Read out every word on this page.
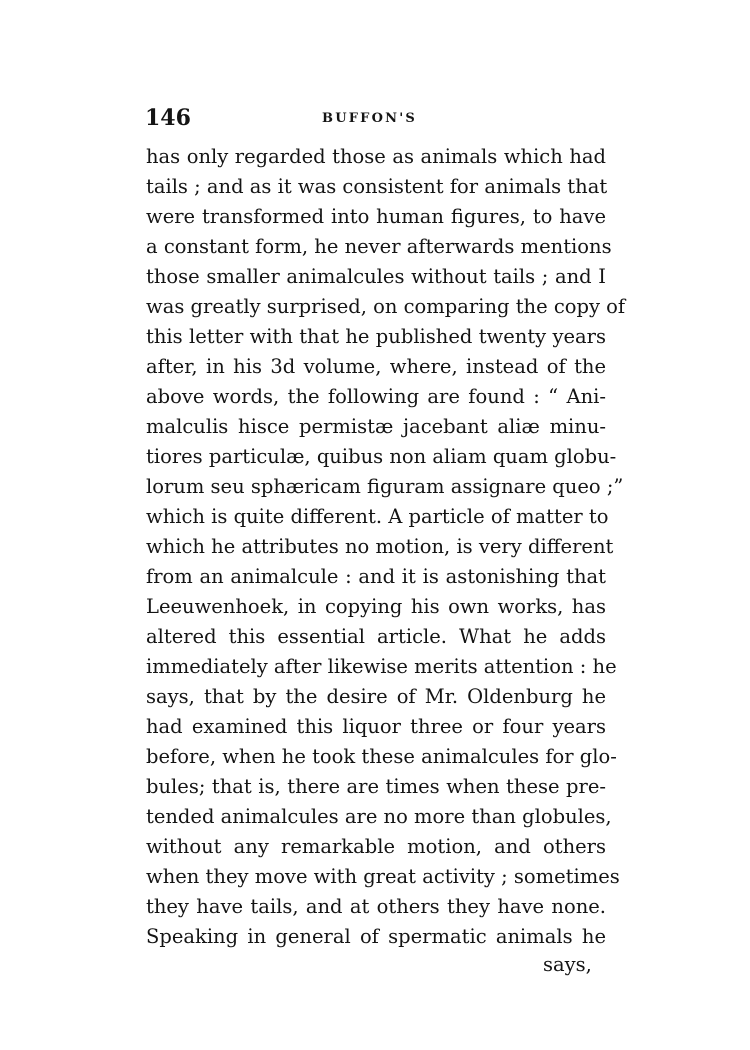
146	BUFFON'S
has only regarded those as animals which had
tails ; and as it was consistent for animals that
were transformed into human figures, to have
a constant form, he never afterwards mentions
those smaller animalcules without tails ; and I
was greatly surprised, on comparing the copy of
this letter with that he published twenty years
after, in his 3d volume, where, instead of the
above words, the following are found : “ Ani-
malculis hisce permistæ jacebant aliæ minu-
tiores particulæ, quibus non aliam quam globu-
lorum seu sphæricam figuram assignare queo ;”
which is quite different. A particle of matter to
which he attributes no motion, is very different
from an animalcule : and it is astonishing that
Leeuwenhoek, in copying his own works, has
altered this essential article. What he adds
immediately after likewise merits attention : he
says, that by the desire of Mr. Oldenburg he
had examined this liquor three or four years
before, when he took these animalcules for glo-
bules; that is, there are times when these pre-
tended animalcules are no more than globules,
without any remarkable motion, and others
when they move with great activity ; sometimes
they have tails, and at others they have none.
Speaking in general of spermatic animals he
says,
